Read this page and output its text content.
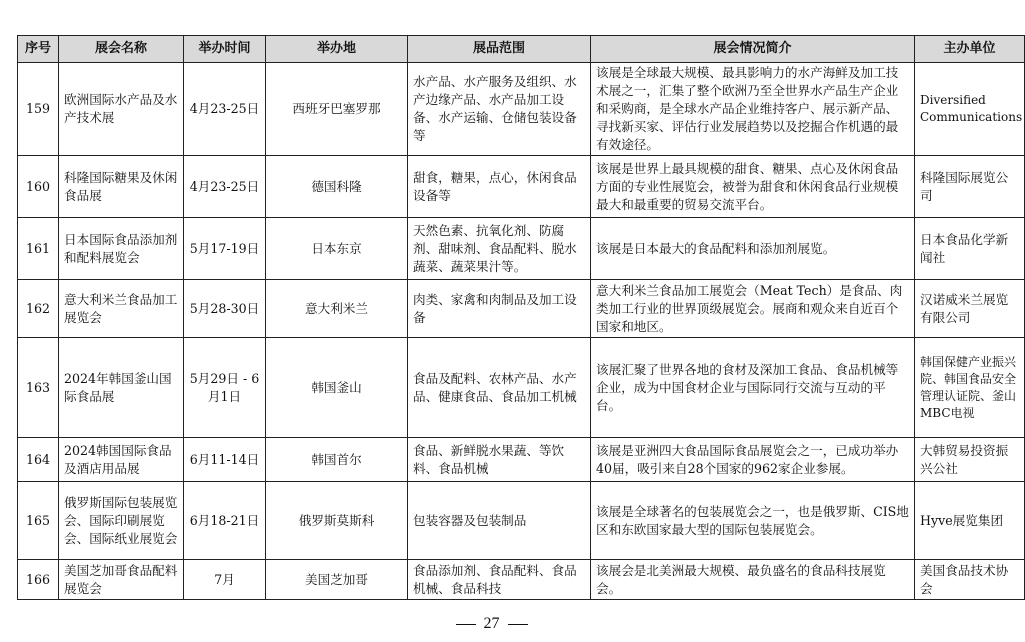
序号	展会名称	举办时间	举办地	展品范围	展会情况简介	主办单位
159	欧洲国际水产品及水产技术展	4月23-25日	西班牙巴塞罗那	水产品、水产服务及组织、水产边缘产品、水产品加工设备、水产运输、仓储包装设备等	该展是全球最大规模、最具影响力的水产海鲜及加工技术展之一，汇集了整个欧洲乃至全世界水产品生产企业和采购商，是全球水产品企业维持客户、展示新产品、寻找新买家、评估行业发展趋势以及挖掘合作机遇的最有效途径。	Diversified Communications
160	科隆国际糖果及休闲食品展	4月23-25日	德国科隆	甜食，糖果，点心，休闲食品设备等	该展是世界上最具规模的甜食、糖果、点心及休闲食品方面的专业性展览会，被誉为甜食和休闲食品行业规模最大和最重要的贸易交流平台。	科隆国际展览公司
161	日本国际食品添加剂和配料展览会	5月17-19日	日本东京	天然色素、抗氧化剂、防腐剂、甜味剂、食品配料、脱水蔬菜、蔬菜果汁等。	该展是日本最大的食品配料和添加剂展览。	日本食品化学新闻社
162	意大利米兰食品加工展览会	5月28-30日	意大利米兰	肉类、家禽和肉制品及加工设备	意大利米兰食品加工展览会（Meat Tech）是食品、肉类加工行业的世界顶级展览会。展商和观众来自近百个国家和地区。	汉诺威米兰展览有限公司
163	2024年韩国釜山国际食品展	5月29日 - 6月1日	韩国釜山	食品及配料、农林产品、水产品、健康食品、食品加工机械	该展汇聚了世界各地的食材及深加工食品、食品机械等企业，成为中国食材企业与国际同行交流与互动的平台。	韩国保健产业振兴院、韩国食品安全管理认证院、釜山MBC电视
164	2024韩国国际食品及酒店用品展	6月11-14日	韩国首尔	食品、新鲜脱水果蔬、等饮料、食品机械	该展是亚洲四大食品国际食品展览会之一，已成功举办40届，吸引来自28个国家的962家企业参展。	大韩贸易投资振兴公社
165	俄罗斯国际包装展览会、国际印刷展览会、国际纸业展览会	6月18-21日	俄罗斯莫斯科	包装容器及包装制品	该展是全球著名的包装展览会之一，也是俄罗斯、CIS地区和东欧国家最大型的国际包装展览会。	Hyve展览集团
166	美国芝加哥食品配料展览会	7月	美国芝加哥	食品添加剂、食品配料、食品机械、食品科技	该展会是北美洲最大规模、最负盛名的食品科技展览会。	美国食品技术协会
27
